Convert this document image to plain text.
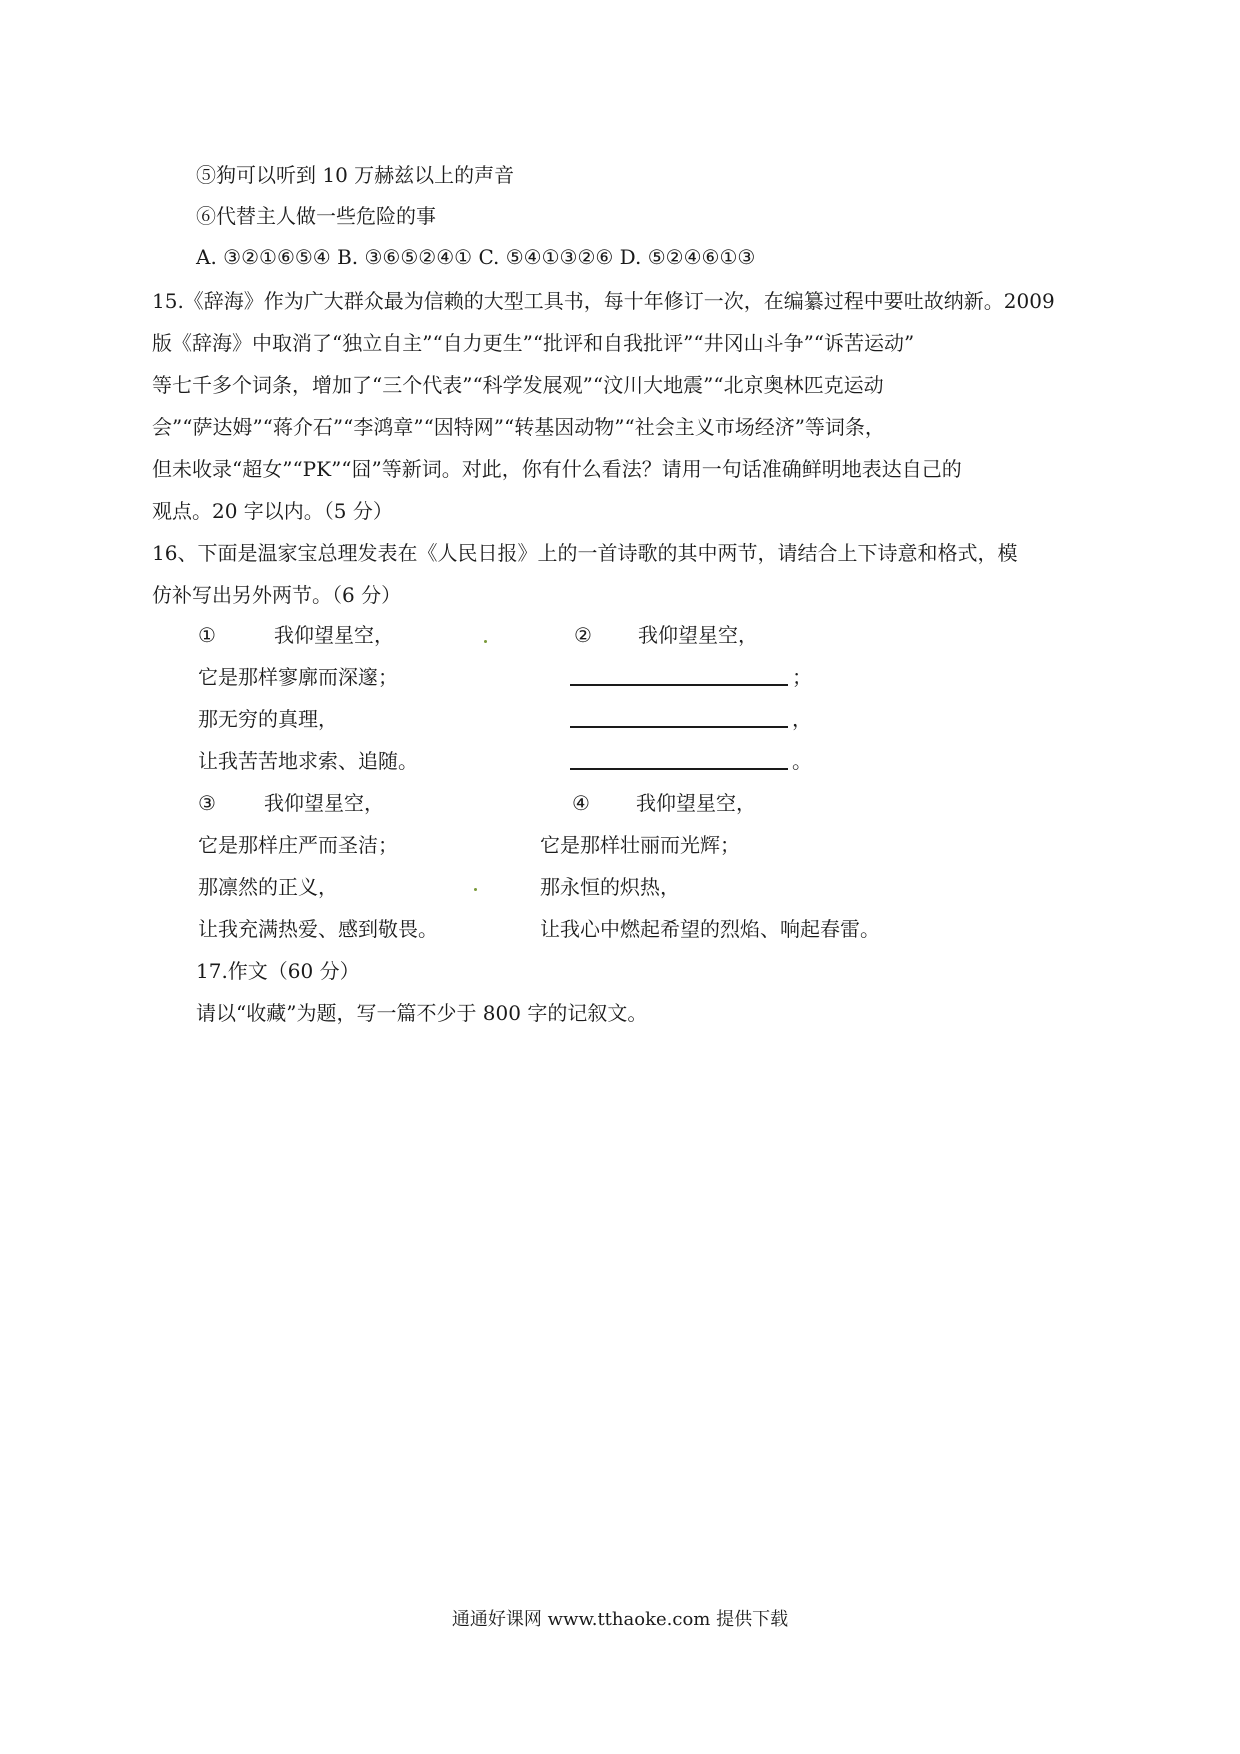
⑤狗可以听到 10 万赫兹以上的声音
⑥代替主人做一些危险的事
A. ③②①⑥⑤④ B. ③⑥⑤②④① C. ⑤④①③②⑥ D. ⑤②④⑥①③
15.《辞海》作为广大群众最为信赖的大型工具书，每十年修订一次，在编纂过程中要吐故纳新。2009
版《辞海》中取消了“独立自主”“自力更生”“批评和自我批评”“井冈山斗争”“诉苦运动”
等七千多个词条，增加了“三个代表”“科学发展观”“汶川大地震”“北京奥林匹克运动
会”“萨达姆”“蒋介石”“李鸿章”“因特网”“转基因动物”“社会主义市场经济”等词条，
但未收录“超女”“PK”“囧”等新词。对此，你有什么看法？请用一句话准确鲜明地表达自己的
观点。20 字以内。（5 分）
16、下面是温家宝总理发表在《人民日报》上的一首诗歌的其中两节，请结合上下诗意和格式，模
仿补写出另外两节。（6 分）
①	我仰望星空，
它是那样寥廓而深邃；
那无穷的真理，
让我苦苦地求索、追随。
② 我仰望星空，
；
，
。
③ 我仰望星空，
它是那样庄严而圣洁；
那凛然的正义，
让我充满热爱、感到敬畏。
④ 我仰望星空，
它是那样壮丽而光辉；
那永恒的炽热，
让我心中燃起希望的烈焰、响起春雷。
17.作文（60 分）
请以“收藏”为题，写一篇不少于 800 字的记叙文。
通通好课网 www.tthaoke.com 提供下载
